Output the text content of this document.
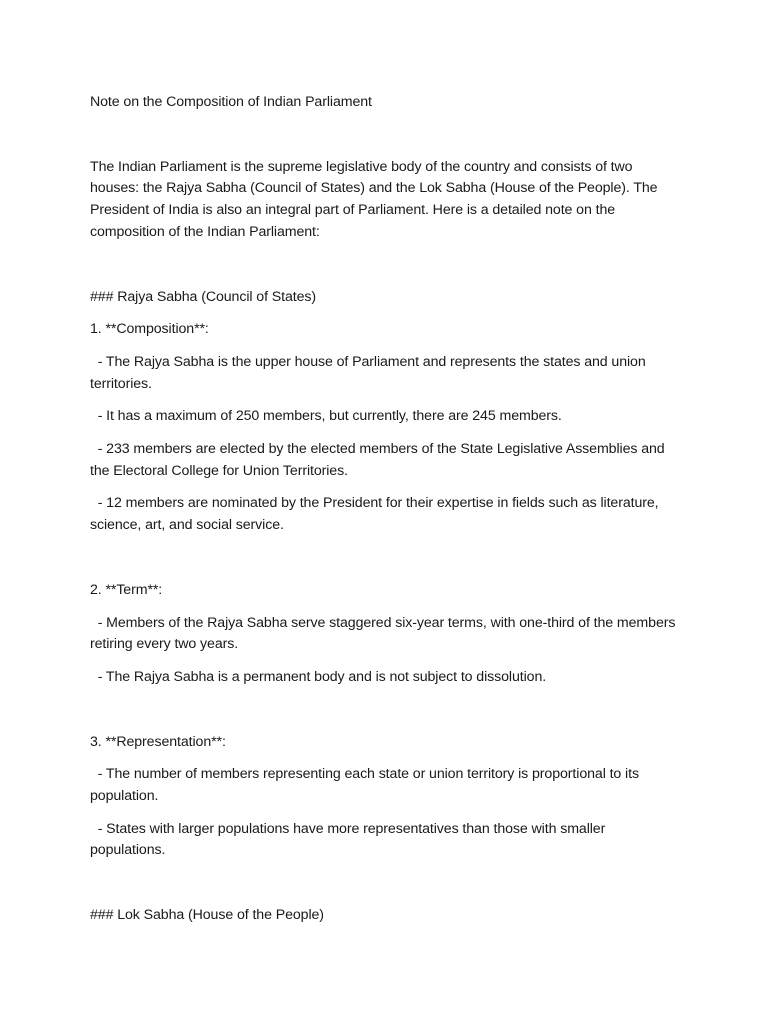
Note on the Composition of Indian Parliament

The Indian Parliament is the supreme legislative body of the country and consists of two houses: the Rajya Sabha (Council of States) and the Lok Sabha (House of the People). The President of India is also an integral part of Parliament. Here is a detailed note on the composition of the Indian Parliament:

### Rajya Sabha (Council of States)

1. **Composition**:

- The Rajya Sabha is the upper house of Parliament and represents the states and union territories.

- It has a maximum of 250 members, but currently, there are 245 members.

- 233 members are elected by the elected members of the State Legislative Assemblies and the Electoral College for Union Territories.

- 12 members are nominated by the President for their expertise in fields such as literature, science, art, and social service.

2. **Term**:

- Members of the Rajya Sabha serve staggered six-year terms, with one-third of the members retiring every two years.

- The Rajya Sabha is a permanent body and is not subject to dissolution.

3. **Representation**:

- The number of members representing each state or union territory is proportional to its population.

- States with larger populations have more representatives than those with smaller populations.

### Lok Sabha (House of the People)
